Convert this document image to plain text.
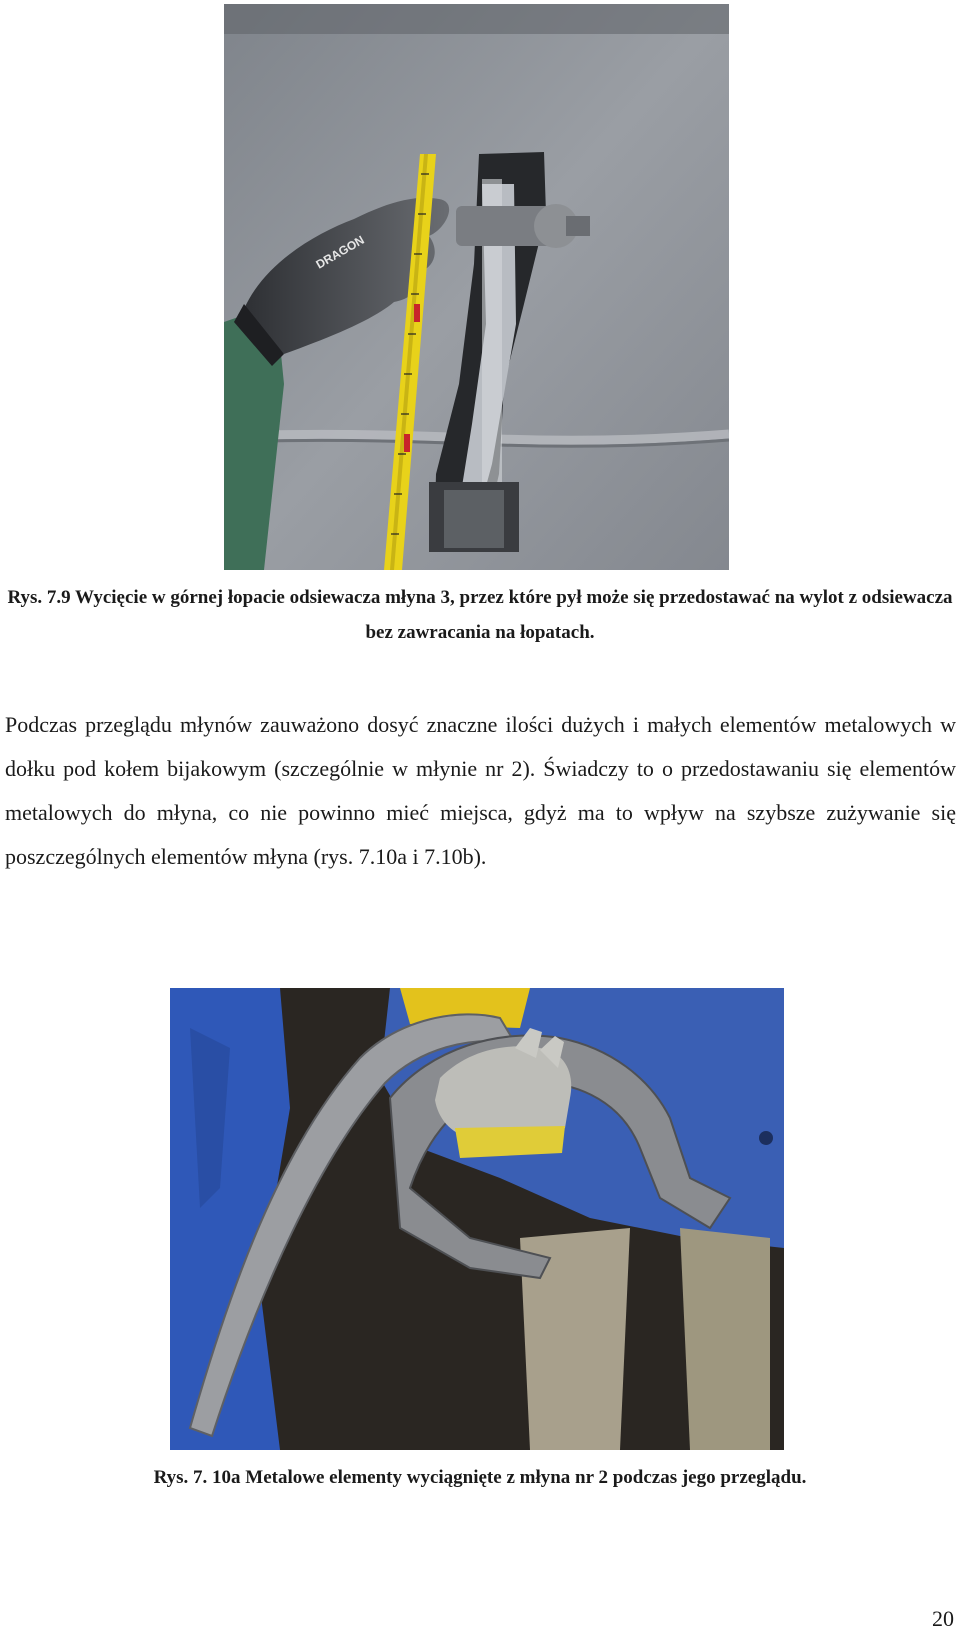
DRAGON

Rys. 7.9 Wycięcie w górnej łopacie odsiewacza młyna 3, przez które pył może się przedostawać na wylot z odsiewacza bez zawracania na łopatach.

Podczas przeglądu młynów zauważono dosyć znaczne ilości dużych i małych elementów metalowych w dołku pod kołem bijakowym (szczególnie w młynie nr 2). Świadczy to o przedostawaniu się elementów metalowych do młyna, co nie powinno mieć miejsca, gdyż ma to wpływ na szybsze zużywanie się poszczególnych elementów młyna (rys. 7.10a i 7.10b).

Rys. 7. 10a Metalowe elementy wyciągnięte z młyna nr 2 podczas jego przeglądu.

20
